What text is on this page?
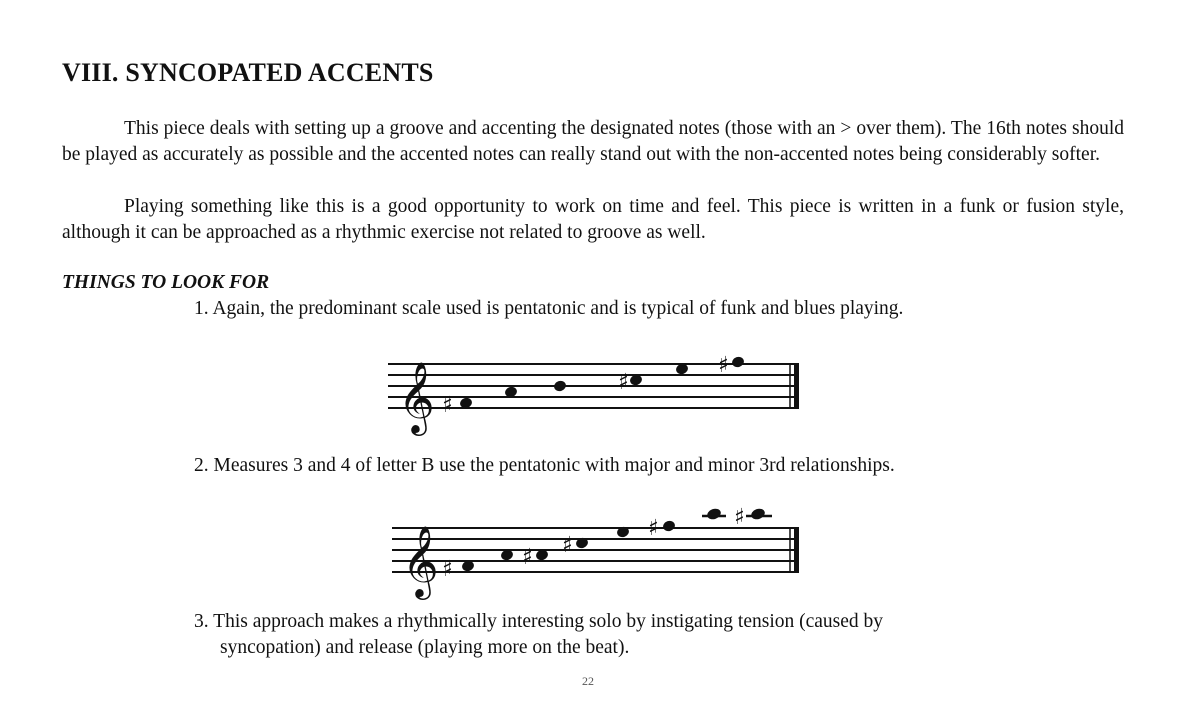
VIII. SYNCOPATED ACCENTS

This piece deals with setting up a groove and accenting the designated notes (those with an > over them). The 16th notes should be played as accurately as possible and the accented notes can really stand out with the non-accented notes being considerably softer.

Playing something like this is a good opportunity to work on time and feel. This piece is written in a funk or fusion style, although it can be approached as a rhythmic exercise not related to groove as well.

THINGS TO LOOK FOR

1. Again, the predominant scale used is pentatonic and is typical of funk and blues playing.

𝄞 ♯
♯
♯

2. Measures 3 and 4 of letter B use the pentatonic with major and minor 3rd relationships.

𝄞 ♯	♯ ♯
♯	♯

3. This approach makes a rhythmically interesting solo by instigating tension (caused by
syncopation) and release (playing more on the beat).

22
